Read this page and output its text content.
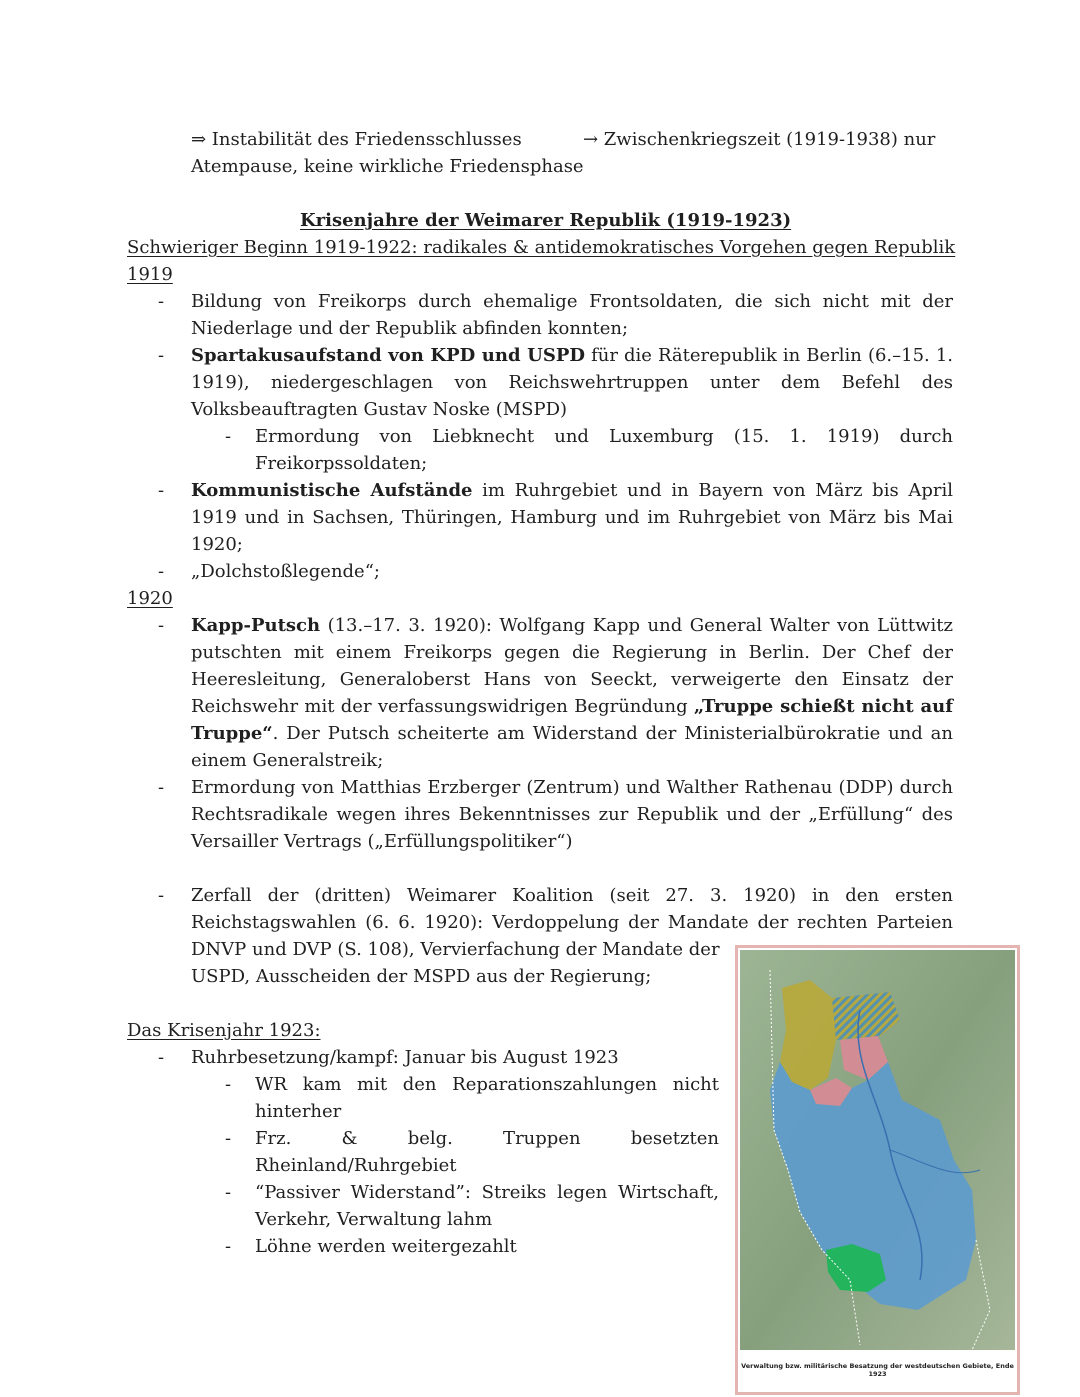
⇒ Instabilität des Friedensschlusses	→ Zwischenkriegszeit (1919-1938) nur
Atempause, keine wirkliche Friedensphase
Krisenjahre der Weimarer Republik (1919-1923)
Schwieriger Beginn 1919-1922: radikales & antidemokratisches Vorgehen gegen Republik
1919
- Bildung von Freikorps durch ehemalige Frontsoldaten, die sich nicht mit der
Niederlage und der Republik abfinden konnten;
- Spartakusaufstand von KPD und USPD für die Räterepublik in Berlin (6.–15. 1.
1919), niedergeschlagen von Reichswehrtruppen unter dem Befehl des
Volksbeauftragten Gustav Noske (MSPD)
- Ermordung von Liebknecht und Luxemburg (15. 1. 1919) durch
Freikorpssoldaten;
- Kommunistische Aufstände im Ruhrgebiet und in Bayern von März bis April
1919 und in Sachsen, Thüringen, Hamburg und im Ruhrgebiet von März bis Mai
1920;
- „Dolchstoßlegende“;
1920
- Kapp-Putsch (13.–17. 3. 1920): Wolfgang Kapp und General Walter von Lüttwitz
putschten mit einem Freikorps gegen die Regierung in Berlin. Der Chef der
Heeresleitung, Generaloberst Hans von Seeckt, verweigerte den Einsatz der
Reichswehr mit der verfassungswidrigen Begründung „Truppe schießt nicht auf
Truppe“. Der Putsch scheiterte am Widerstand der Ministerialbürokratie und an
einem Generalstreik;
- Ermordung von Matthias Erzberger (Zentrum) und Walther Rathenau (DDP) durch
Rechtsradikale wegen ihres Bekenntnisses zur Republik und der „Erfüllung“ des
Versailler Vertrags („Erfüllungspolitiker“)
- Zerfall der (dritten) Weimarer Koalition (seit 27. 3. 1920) in den ersten
Reichstagswahlen (6. 6. 1920): Verdoppelung der Mandate der rechten Parteien
DNVP und DVP (S. 108), Vervierfachung der Mandate der
USPD, Ausscheiden der MSPD aus der Regierung;
Das Krisenjahr 1923:
- Ruhrbesetzung/kampf: Januar bis August 1923
- WR kam mit den Reparationszahlungen nicht
hinterher
- Frz. & belg. Truppen besetzten
Rheinland/Ruhrgebiet
- “Passiver Widerstand”: Streiks legen Wirtschaft,
Verkehr, Verwaltung lahm
- Löhne werden weitergezahlt
Verwaltung bzw. militärische Besatzung der westdeutschen Gebiete, Ende 1923
